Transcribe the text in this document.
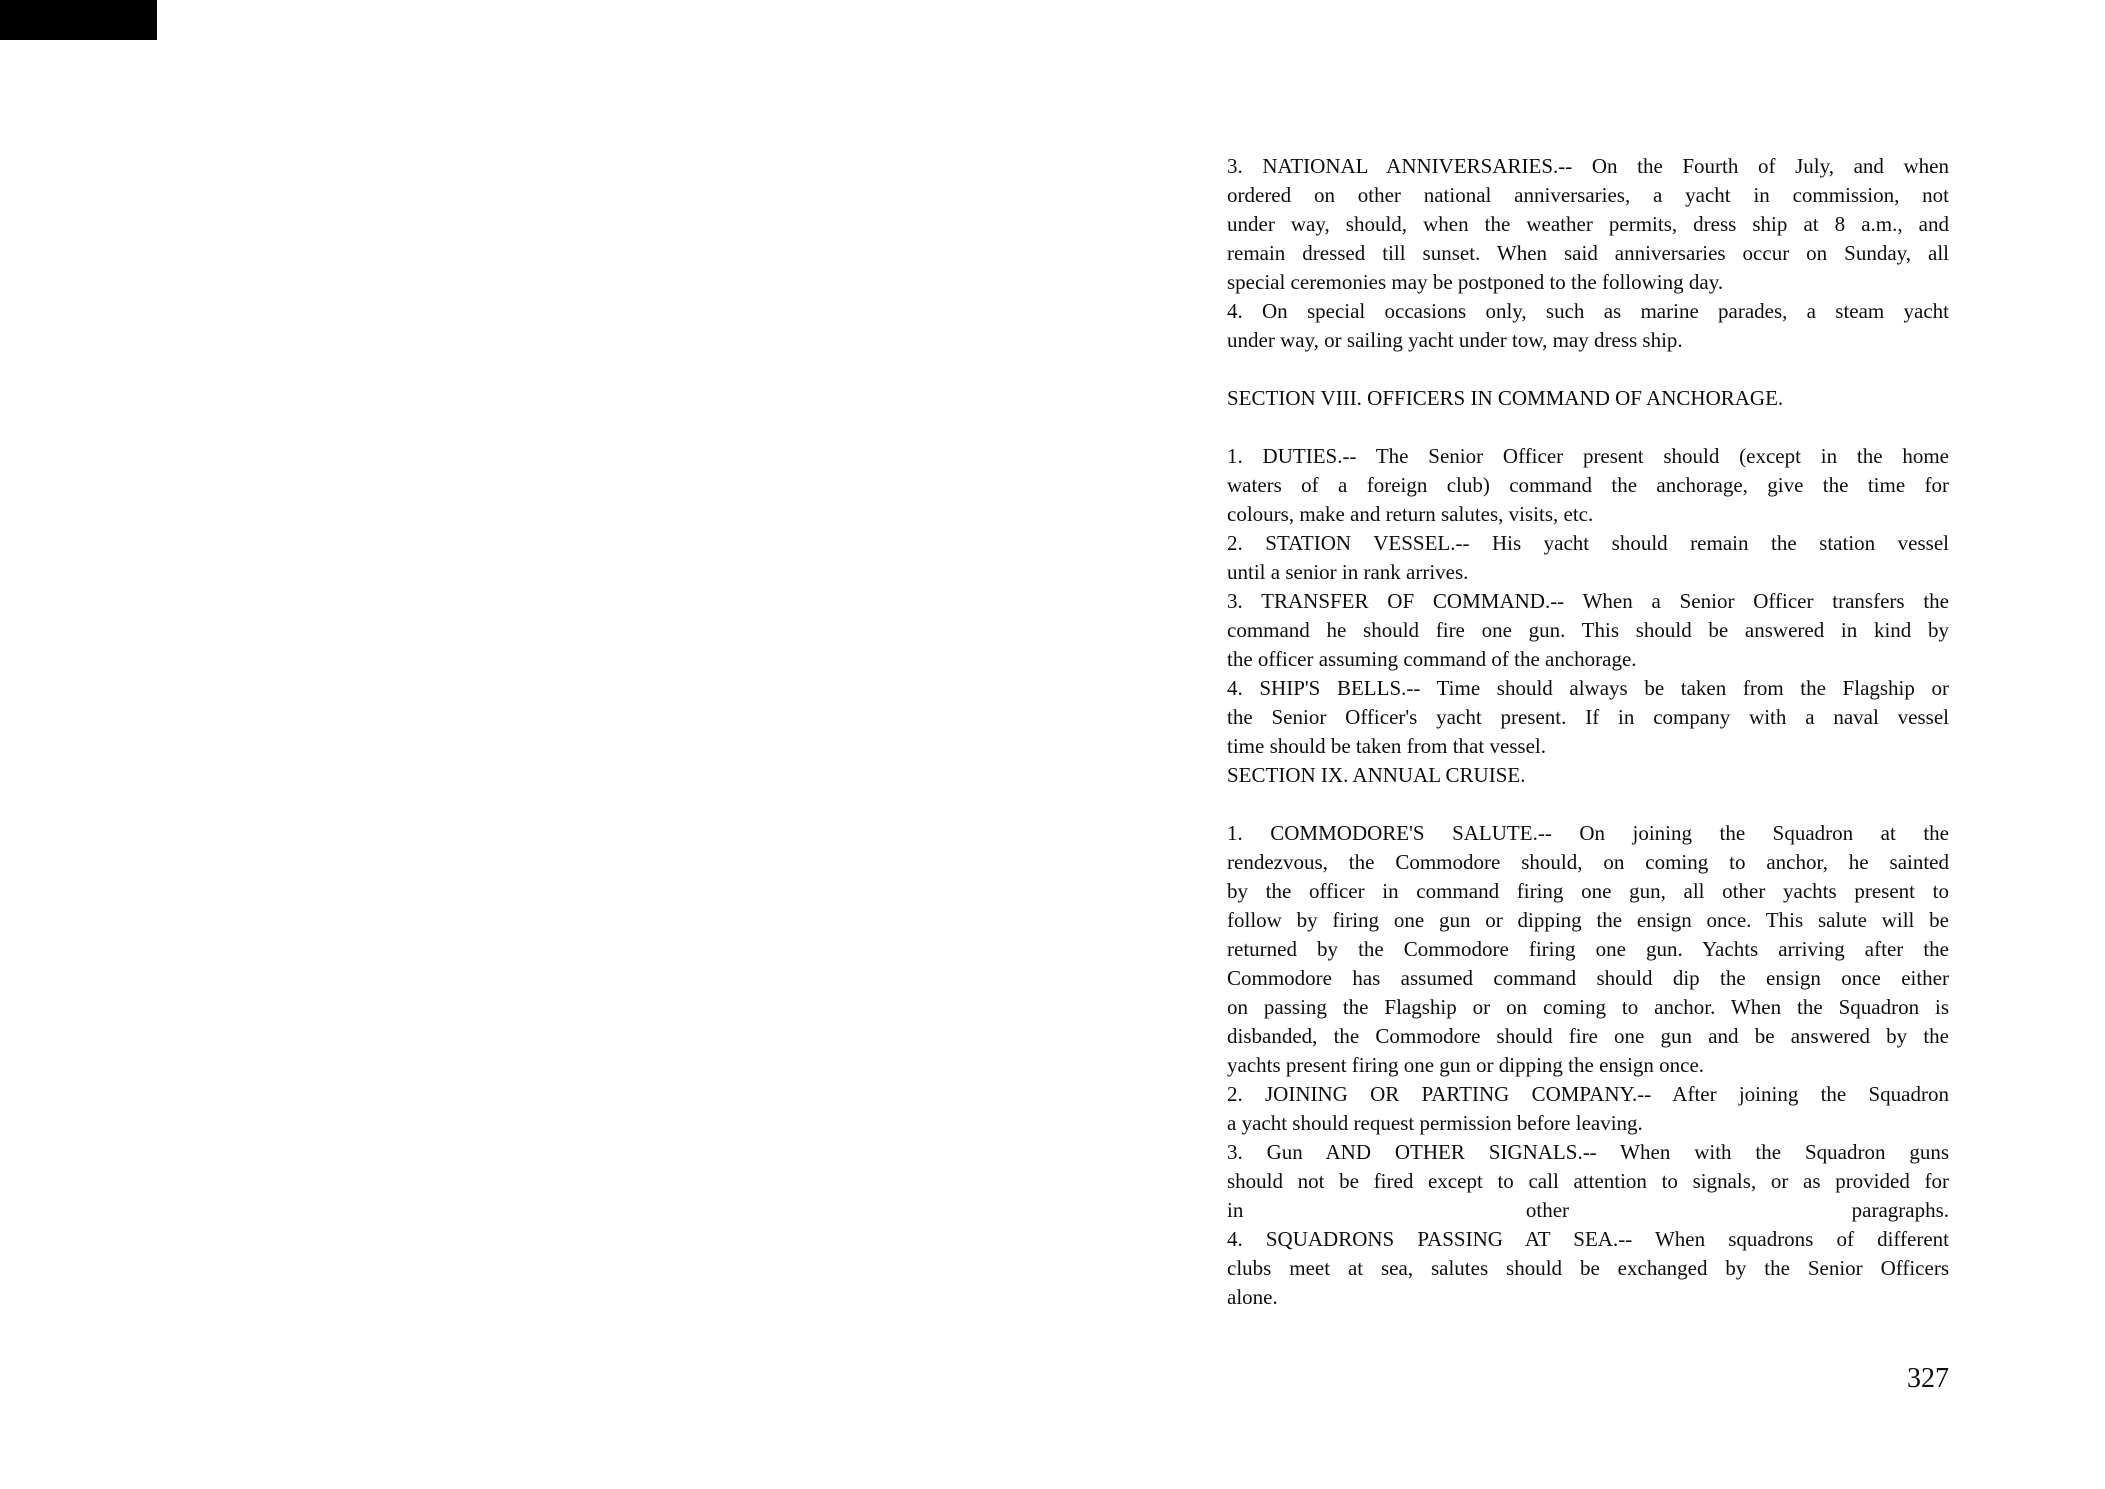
3. NATIONAL ANNIVERSARIES.-- On the Fourth of July, and when
ordered on other national anniversaries, a yacht in commission, not
under way, should, when the weather permits, dress ship at 8 a.m., and
remain dressed till sunset. When said anniversaries occur on Sunday, all
special ceremonies may be postponed to the following day.
4. On special occasions only, such as marine parades, a steam yacht
under way, or sailing yacht under tow, may dress ship.
SECTION VIII. OFFICERS IN COMMAND OF ANCHORAGE.
1. DUTIES.-- The Senior Officer present should (except in the home
waters of a foreign club) command the anchorage, give the time for
colours, make and return salutes, visits, etc.
2. STATION VESSEL.-- His yacht should remain the station vessel
until a senior in rank arrives.
3. TRANSFER OF COMMAND.-- When a Senior Officer transfers the
command he should fire one gun. This should be answered in kind by
the officer assuming command of the anchorage.
4. SHIP'S BELLS.-- Time should always be taken from the Flagship or
the Senior Officer's yacht present. If in company with a naval vessel
time should be taken from that vessel.
SECTION IX. ANNUAL CRUISE.
1. COMMODORE'S SALUTE.-- On joining the Squadron at the
rendezvous, the Commodore should, on coming to anchor, he sainted
by the officer in command firing one gun, all other yachts present to
follow by firing one gun or dipping the ensign once. This salute will be
returned by the Commodore firing one gun. Yachts arriving after the
Commodore has assumed command should dip the ensign once either
on passing the Flagship or on coming to anchor. When the Squadron is
disbanded, the Commodore should fire one gun and be answered by the
yachts present firing one gun or dipping the ensign once.
2. JOINING OR PARTING COMPANY.-- After joining the Squadron
a yacht should request permission before leaving.
3. Gun AND OTHER SIGNALS.-- When with the Squadron guns
should not be fired except to call attention to signals, or as provided for
in other paragraphs.
4. SQUADRONS PASSING AT SEA.-- When squadrons of different
clubs meet at sea, salutes should be exchanged by the Senior Officers
alone.
327
